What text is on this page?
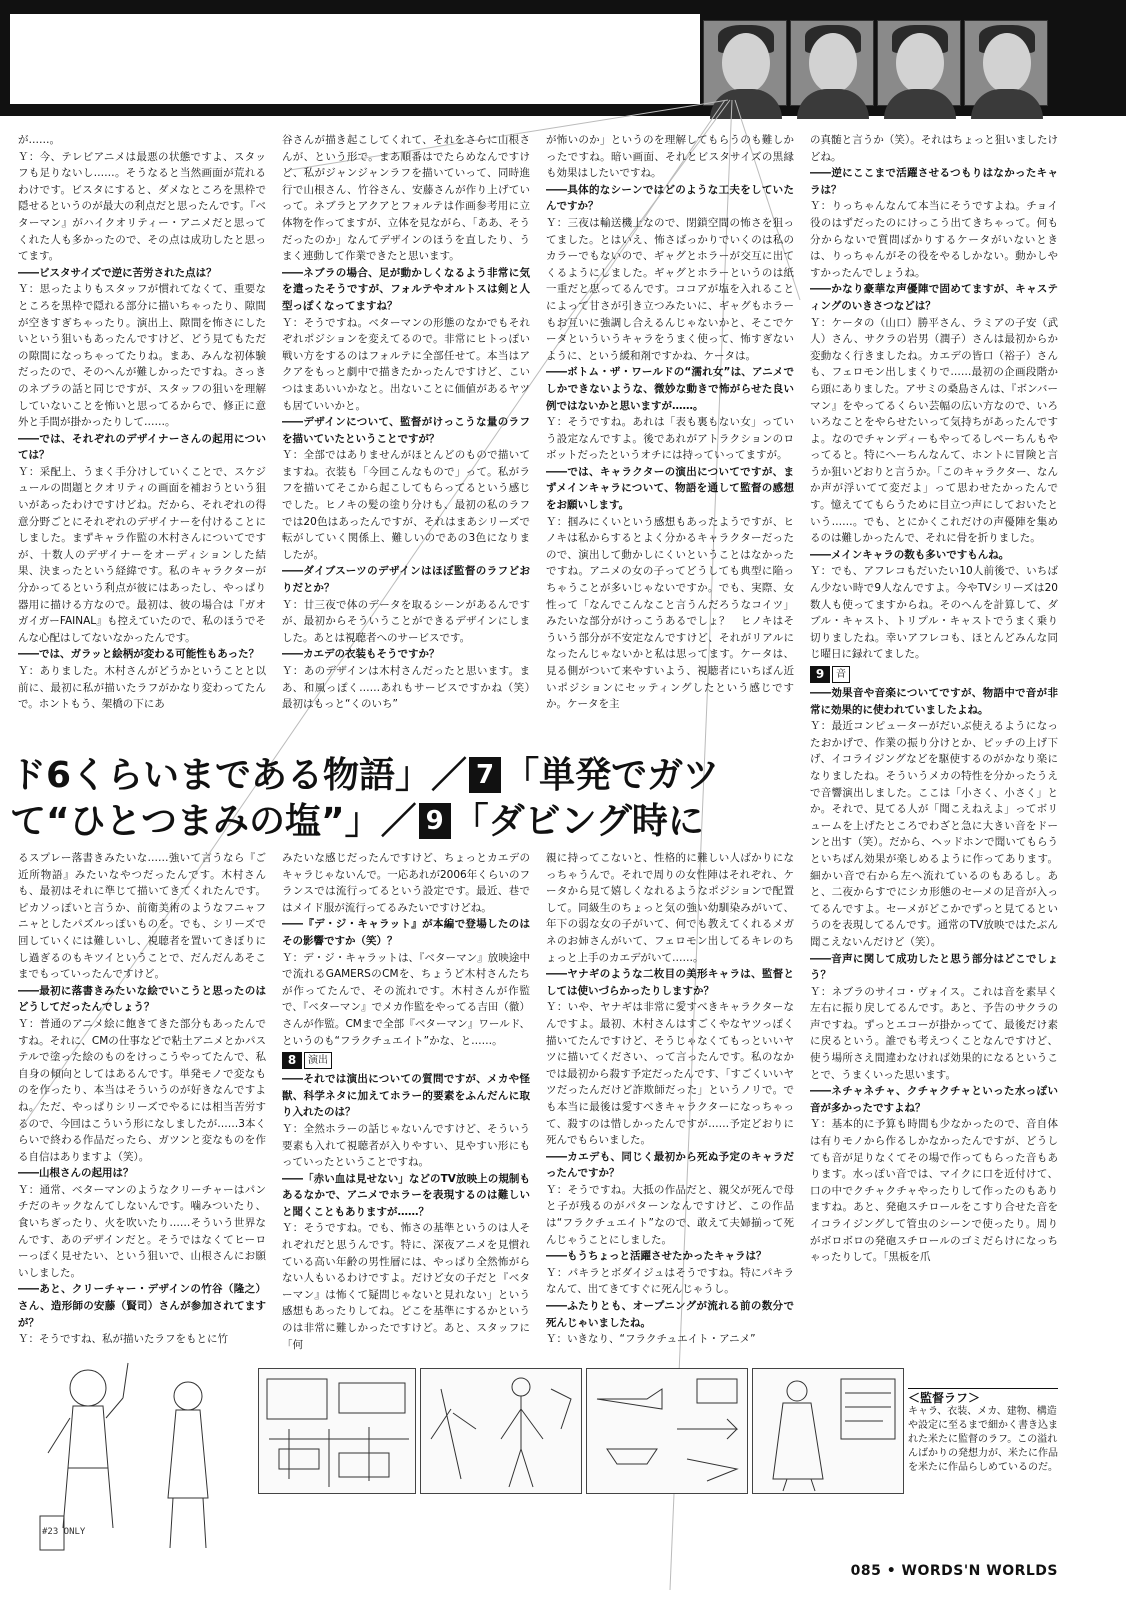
が……。

Ｙ：今、テレビアニメは最悪の状態ですよ、スタッフも足りないし……。そうなると当然画面が荒れるわけです。ビスタにすると、ダメなところを黒枠で隠せるというのが最大の利点だと思ったんです。『ベターマン』がハイクオリティー・アニメだと思ってくれた人も多かったので、その点は成功したと思ってます。

――ビスタサイズで逆に苦労された点は？

Ｙ：思ったよりもスタッフが慣れてなくて、重要なところを黒枠で隠れる部分に描いちゃったり、隙間が空きすぎちゃったり。演出上、隙間を怖さにしたいという狙いもあったんですけど、どう見てもただの隙間になっちゃってたりね。まあ、みんな初体験だったので、そのへんが難しかったですね。さっきのネブラの話と同じですが、スタッフの狙いを理解していないことを怖いと思ってるからで、修正に意外と手間が掛かったりして……。

――では、それぞれのデザイナーさんの起用については？

Ｙ：采配上、うまく手分けしていくことで、スケジュールの問題とクオリティの画面を補おうという狙いがあったわけですけどね。だから、それぞれの得意分野ごとにそれぞれのデザイナーを付けることにしました。まずキャラ作監の木村さんについてですが、十数人のデザイナーをオーディションした結果、決まったという経緯です。私のキャラクターが分かってるという利点が彼にはあったし、やっぱり器用に描ける方なので。最初は、彼の場合は『ガオガイガーFAINAL』も控えていたので、私のほうでそんな心配はしてないなかったんです。

――では、ガラッと絵柄が変わる可能性もあった？

Ｙ：ありました。木村さんがどうかということと以前に、最初に私が描いたラフがかなり変わってたんで。ホントもう、架橋の下にあ

谷さんが描き起こしてくれて、それをさらに山根さんが、という形で。まあ順番はでたらめなんですけど、私がジャンジャンラフを描いていって、同時進行で山根さん、竹谷さん、安藤さんが作り上げていって。ネブラとアクアとフォルテは作画参考用に立体物を作ってますが、立体を見ながら、「ああ、そうだったのか」なんてデザインのほうを直したり、うまく連動して作業できたと思います。

――ネブラの場合、足が動かしくなるよう非常に気を遣ったそうですが、フォルテやオルトスは剣と人型っぽくなってますね？

Ｙ：そうですね。ベターマンの形態のなかでもそれぞれポジションを変えてるので。非常にヒトっぽい戦い方をするのはフォルテに全部任せて。本当はアクアをもっと劇中で描きたかったんですけど、こいつはまあいいかなと。出ないことに価値があるヤツも居ていいかと。

――デザインについて、監督がけっこうな量のラフを描いていたということですが？

Ｙ：全部ではありませんがほとんどのもので描いてますね。衣装も「今回こんなもので」って。私がラフを描いてそこから起こしてもらってるという感じでした。ヒノキの髪の塗り分けも、最初の私のラフでは20色はあったんですが、それはまあシリーズで転がしていく関係上、難しいのであの3色になりましたが。

――ダイブスーツのデザインはほぼ監督のラフどおりだとか？

Ｙ：廿三夜で体のデータを取るシーンがあるんですが、最初からそういうことができるデザインにしました。あとは視聴者へのサービスです。

――カエデの衣装もそうですか？

Ｙ：あのデザインは木村さんだったと思います。まあ、和風っぽく……あれもサービスですかね（笑）　最初はもっと“くのいち”

が怖いのか」というのを理解してもらうのも難しかったですね。暗い画面、それとビスタサイズの黒縁も効果はしたいですね。

――具体的なシーンではどのような工夫をしていたんですか？

Ｙ：三夜は輸送機上なので、閉鎖空間の怖さを狙ってました。とはいえ、怖さばっかりでいくのは私のカラーでもないので、ギャグとホラーが交互に出てくるようにしました。ギャグとホラーというのは紙一重だと思ってるんです。ココアが塩を入れることによって甘さが引き立つみたいに、ギャグもホラーもお互いに強調し合えるんじゃないかと、そこでケータといういうキャラをうまく使って、怖すぎないように、という緩和剤ですかね、ケータは。

――ボトム・ザ・ワールドの“濡れ女”は、アニメでしかできないような、微妙な動きで怖がらせた良い例ではないかと思いますが……。

Ｙ：そうですね。あれは「表も裏もない女」っていう設定なんですよ。後であれがアトラクションのロボットだったというオチには持っていってますが。

――では、キャラクターの演出についてですが、まずメインキャラについて、物語を通して監督の感想をお願いします。

Ｙ：掴みにくいという感想もあったようですが、ヒノキは私からするとよく分かるキャラクターだったので、演出して動かしにくいということはなかったですね。アニメの女の子ってどうしても典型に陥っちゃうことが多いじゃないですか。でも、実際、女性って「なんでこんなこと言うんだろうなコイツ」みたいな部分がけっこうあるでしょ？　ヒノキはそういう部分が不安定なんですけど、それがリアルになったんじゃないかと私は思ってます。ケータは、見る側がついて来やすいよう、視聴者にいちばん近いポジションにセッティングしたという感じですか。ケータを主

の真髄と言うか（笑）。それはちょっと狙いましたけどね。

――逆にここまで活躍させるつもりはなかったキャラは？

Ｙ：りっちゃんなんて本当にそうですよね。チョイ役のはずだったのにけっこう出てきちゃって。何も分からないで質問ばかりするケータがいないときは、りっちゃんがその役をやるしかない。動かしやすかったんでしょうね。

――かなり豪華な声優陣で固めてますが、キャスティングのいきさつなどは？

Ｙ：ケータの（山口）勝平さん、ラミアの子安（武人）さん、サクラの岩男（潤子）さんは最初からか変動なく行きましたね。カエデの皆口（裕子）さんも、フェロモン出しまくりで……最初の企画段階から頭にありました。アサミの桑島さんは、『ボンバーマン』をやってるくらい芸幅の広い方なので、いろいろなことをやらせたいって気持ちがあったんですよ。なのでチャンディーもやってるしぺーちんもやってると。特にへーちんなんて、ホントに冒険と言うか狙いどおりと言うか。「このキャラクター、なんか声が浮いてて変だよ」って思わせたかったんです。憶えててもらうために目立つ声にしておいたという……。でも、とにかくこれだけの声優陣を集めるのは難しかったんで、それに骨を折りました。

――メインキャラの数も多いですもんね。

Ｙ：でも、アフレコもだいたい10人前後で、いちばん少ない時で9人なんですよ。今やTVシリーズは20数人も使ってますからね。そのへんを計算して、ダブル・キャスト、トリプル・キャストでうまく乗り切りましたね。幸いアフレコも、ほとんどみんな同じ曜日に録れてました。

9	音

――効果音や音楽についてですが、物語中で音が非常に効果的に使われていましたよね。

Ｙ：最近コンピューターがだいぶ使えるようになったおかげで、作業の振り分けとか、ピッチの上げ下げ、イコライジングなどを駆使するのがかなり楽になりましたね。そういうメカの特性を分かったうえで音響演出しました。ここは「小さく、小さく」とか。それで、見てる人が「聞こえねえよ」ってボリュームを上げたところでわざと急に大きい音をドーンと出す（笑）。だから、ヘッドホンで聞いてもらうといちばん効果が楽しめるように作ってあります。細かい音で右から左へ流れているのもあるし。あと、二夜からすでにシカ形態のセーメの足音が入ってるんですよ。セーメがどこかでずっと見てるというのを表現してるんです。通常のTV放映ではたぶん聞こえないんだけど（笑）。

――音声に関して成功したと思う部分はどこでしょう？

Ｙ：ネブラのサイコ・ヴォイス。これは音を素早く左右に振り戻してるんです。あと、予告のサクラの声ですね。ずっとエコーが掛かってて、最後だけ素に戻るという。誰でも考えつくことなんですけど、使う場所さえ間違わなければ効果的になるということで、うまくいった思います。

――ネチャネチャ、クチャクチャといった水っぽい音が多かったですよね？

Ｙ：基本的に予算も時間も少なかったので、音自体は有りモノから作るしかなかったんですが、どうしても音が足りなくてその場で作ってもらった音もあります。水っぽい音では、マイクに口を近付けて、口の中でクチャクチャやったりして作ったのもありますね。あと、発砲スチロールをこすり合せた音をイコライジングして管虫のシーンで使ったり。周りがボロボロの発砲スチロールのゴミだらけになっちゃったりして。「黒板を爪

ド6くらいまである物語」／ 7 「単発でガツ
て“ひとつまみの塩”」／ 9 「ダビング時に

るスプレー落書きみたいな……強いて言うなら『ご近所物語』みたいなやつだったんです。木村さんも、最初はそれに準じて描いてきてくれたんです。ピカソっぽいと言うか、前衛美術のようなフニャフニャとしたパズルっぽいものを。でも、シリーズで回していくには難しいし、視聴者を置いてきぼりにし過ぎるのもキツイということで、だんだんあそこまでもっていったんですけど。

――最初に落書きみたいな絵でいこうと思ったのはどうしてだったんでしょう？

Ｙ：普通のアニメ絵に飽きてきた部分もあったんですね。それに、CMの仕事などで粘土アニメとかパステルで塗った絵のものをけっこうやってたんで、私自身の傾向としてはあるんです。単発モノで変なものを作ったり、本当はそういうのが好きなんですよね。ただ、やっぱりシリーズでやるには相当苦労するので、今回はこういう形になしましたが……3本くらいで終わる作品だったら、ガツンと変なものを作る自信はありますよ（笑）。

――山根さんの起用は？

Ｙ：通常、ベターマンのようなクリーチャーはパンチだのキックなんてしないんです。噛みついたり、食いちぎったり、火を吹いたり……そういう世界なんです、あのデザインだと。そうではなくてヒーローっぽく見せたい、という狙いで、山根さんにお願いしました。

――あと、クリーチャー・デザインの竹谷（隆之）さん、造形師の安藤（賢司）さんが参加されてますが？

Ｙ：そうですね、私が描いたラフをもとに竹

みたいな感じだったんですけど、ちょっとカエデのキャラじゃないんで。一応あれが2006年くらいのフランスでは流行ってるという設定です。最近、巷ではメイド服が流行ってるみたいですけどね。

――『デ・ジ・キャラット』が本編で登場したのはその影響ですか（笑）？

Ｙ：デ・ジ・キャラットは、『ベターマン』放映途中で流れるGAMERSのCMを、ちょうど木村さんたちが作ってたんで、その流れです。木村さんが作監で、『ベターマン』でメカ作監をやってる吉田（徹）さんが作監。CMまで全部『ベターマン』ワールド、というのも“フラクチュエイト”かな、と……。

8	演出

――それでは演出についての質問ですが、メカや怪獣、科学ネタに加えてホラー的要素をふんだんに取り入れたのは？

Ｙ：全然ホラーの話じゃないんですけど、そういう要素も入れて視聴者が入りやすい、見やすい形にもっていったということですね。

――「赤い血は見せない」などのTV放映上の規制もあるなかで、アニメでホラーを表現するのは難しいと聞くこともありますが……？

Ｙ：そうですね。でも、怖さの基準というのは人それぞれだと思うんです。特に、深夜アニメを見慣れている高い年齢の男性層には、やっぱり全然怖がらない人もいるわけですよ。だけど女の子だと『ベターマン』は怖くて疑問じゃないと見れない」という感想もあったりしてね。どこを基準にするかというのは非常に難しかったですけど。あと、スタッフに「何

親に持ってこないと、性格的に難しい人ばかりになっちゃうんで。それで周りの女性陣はそれぞれ、ケータから見て嬉しくなれるようなポジションで配置して。同級生のちょっと気の強い幼馴染みがいて、年下の弱な女の子がいて、何でも教えてくれるメガネのお姉さんがいて、フェロモン出してるキレのちょっと上手のカエデがいて……。

――ヤナギのような二枚目の美形キャラは、監督としては使いづらかったりしますか？

Ｙ：いや、ヤナギは非常に愛すべきキャラクターなんですよ。最初、木村さんはすごくやなヤツっぽく描いてたんですけど、そうじゃなくてもっといいヤツに描いてください、って言ったんです。私のなかでは最初から殺す予定だったんです、「すごくいいヤツだったんだけど詐欺師だった」というノリで。でも本当に最後は愛すべきキャラクターになっちゃって、殺すのは惜しかったんですが……予定どおりに死んでもらいました。

――カエデも、同じく最初から死ぬ予定のキャラだったんですか？

Ｙ：そうですね。大抵の作品だと、親父が死んで母と子が残るのがパターンなんですけど、この作品は“フラクチュエイト”なので、敢えて夫婦揃って死んじゃうことにしました。

――もうちょっと活躍させたかったキャラは？

Ｙ：パキラとボダイジュはそうですね。特にパキラなんて、出てきてすぐに死んじゃうし。

――ふたりとも、オープニングが流れる前の数分で死んじゃいましたね。

Ｙ：いきなり、“フラクチュエイト・アニメ”

#23 ONLY
＜監督ラフ＞
キャラ、衣装、メカ、建物、構造や設定に至るまで細かく書き込まれた米たに監督のラフ。この溢れんばかりの発想力が、米たに作品を米たに作品らしめているのだ。
085 • WORDS'N WORLDS
